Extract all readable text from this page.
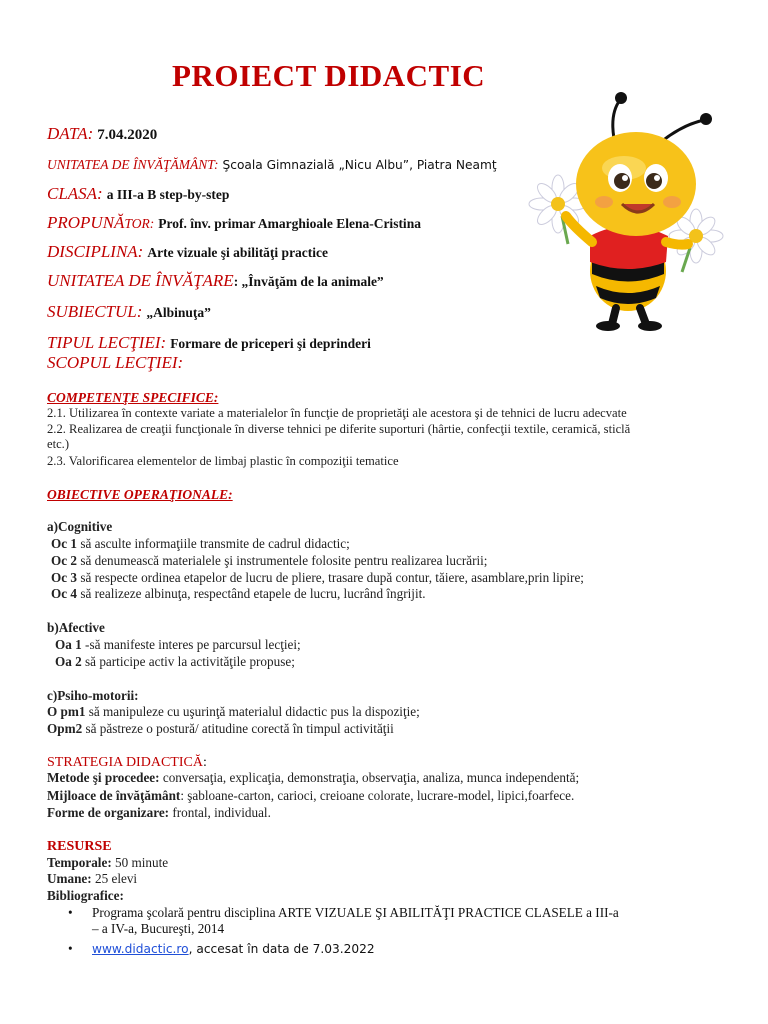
PROIECT DIDACTIC
DATA: 7.04.2020
UNITATEA DE ÎNVĂŢĂMÂNT: Şcoala Gimnazială „Nicu Albu”, Piatra Neamţ
CLASA: a III-a B step-by-step
PROPUNĂTOR: Prof. înv. primar Amarghioale Elena-Cristina
DISCIPLINA: Arte vizuale şi abilităţi practice
UNITATEA DE ÎNVĂŢARE: „Învăţăm de la animale”
SUBIECTUL: „Albinuţa”
TIPUL LECŢIEI: Formare de priceperi şi deprinderi
SCOPUL LECŢIEI:
COMPETENŢE SPECIFICE:
2.1. Utilizarea în contexte variate a materialelor în funcţie de proprietăţi ale acestora şi de tehnici de lucru adecvate
2.2. Realizarea de creaţii funcţionale în diverse tehnici pe diferite suporturi (hârtie, confecţii textile, ceramică, sticlă
etc.)
2.3. Valorificarea elementelor de limbaj plastic în compoziţii tematice
OBIECTIVE OPERAŢIONALE:
a)Cognitive
Oc 1 să asculte informaţiile transmite de cadrul didactic;
Oc 2 să denumească materialele şi instrumentele folosite pentru realizarea lucrării;
Oc 3 să respecte ordinea etapelor de lucru de pliere, trasare după contur, tăiere, asamblare,prin lipire;
Oc 4 să realizeze albinuţa, respectând etapele de lucru, lucrând îngrijit.
b)Afective
Oa 1 -să manifeste interes pe parcursul lecţiei;
Oa 2 să participe activ la activităţile propuse;
c)Psiho-motorii:
O pm1 să manipuleze cu uşurinţă materialul didactic pus la dispoziţie;
Opm2 să păstreze o postură/ atitudine corectă în timpul activităţii
STRATEGIA DIDACTICĂ:
Metode şi procedee: conversaţia, explicaţia, demonstraţia, observaţia, analiza, munca independentă;
Mijloace de învăţământ: şabloane-carton, carioci, creioane colorate, lucrare-model, lipici,foarfece.
Forme de organizare: frontal, individual.
RESURSE
Temporale: 50 minute
Umane: 25 elevi
Bibliografice:
• Programa şcolară pentru disciplina ARTE VIZUALE ŞI ABILITĂŢI PRACTICE CLASELE a III-a
– a IV-a, Bucureşti, 2014
• www.didactic.ro, accesat în data de 7.03.2022
